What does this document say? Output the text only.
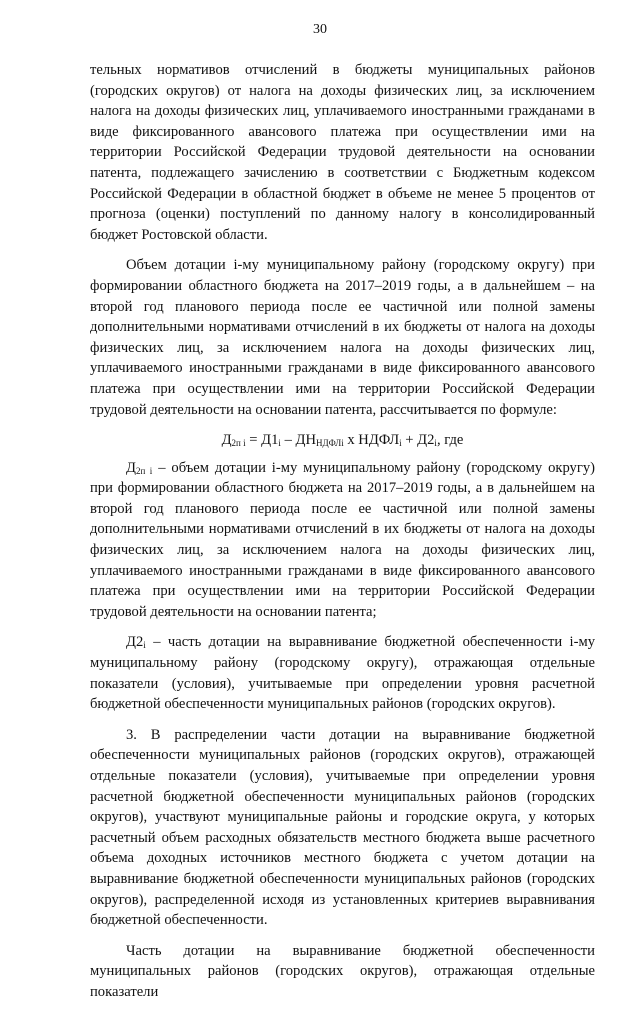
30

тельных нормативов отчислений в бюджеты муниципальных районов (городских округов) от налога на доходы физических лиц, за исключением налога на доходы физических лиц, уплачиваемого иностранными гражданами в виде фиксированного авансового платежа при осуществлении ими на территории Российской Федерации трудовой деятельности на основании патента, подлежащего зачислению в соответствии с Бюджетным кодексом Российской Федерации в областной бюджет в объеме не менее 5 процентов от прогноза (оценки) поступлений по данному налогу в консолидированный бюджет Ростовской области.

Объем дотации i-му муниципальному району (городскому округу) при формировании областного бюджета на 2017–2019 годы, а в дальнейшем – на второй год планового периода после ее частичной или полной замены дополнительными нормативами отчислений в их бюджеты от налога на доходы физических лиц, за исключением налога на доходы физических лиц, уплачиваемого иностранными гражданами в виде фиксированного авансового платежа при осуществлении ими на территории Российской Федерации трудовой деятельности на основании патента, рассчитывается по формуле:

$Д_{2п i} = Д1_i - ДН_{НДФЛi}$ х $НДФЛ_i + Д2_i$, где

$Д_{2п i}$ – объем дотации i-му муниципальному району (городскому округу) при формировании областного бюджета на 2017–2019 годы, а в дальнейшем на второй год планового периода после ее частичной или полной замены дополнительными нормативами отчислений в их бюджеты от налога на доходы физических лиц, за исключением налога на доходы физических лиц, уплачиваемого иностранными гражданами в виде фиксированного авансового платежа при осуществлении ими на территории Российской Федерации трудовой деятельности на основании патента;

$Д2_i$ – часть дотации на выравнивание бюджетной обеспеченности i-му муниципальному району (городскому округу), отражающая отдельные показатели (условия), учитываемые при определении уровня расчетной бюджетной обеспеченности муниципальных районов (городских округов).

3. В распределении части дотации на выравнивание бюджетной обеспеченности муниципальных районов (городских округов), отражающей отдельные показатели (условия), учитываемые при определении уровня расчетной бюджетной обеспеченности муниципальных районов (городских округов), участвуют муниципальные районы и городские округа, у которых расчетный объем расходных обязательств местного бюджета выше расчетного объема доходных источников местного бюджета с учетом дотации на выравнивание бюджетной обеспеченности муниципальных районов (городских округов), распределенной исходя из установленных критериев выравнивания бюджетной обеспеченности.

Часть дотации на выравнивание бюджетной обеспеченности муниципальных районов (городских округов), отражающая отдельные показатели
